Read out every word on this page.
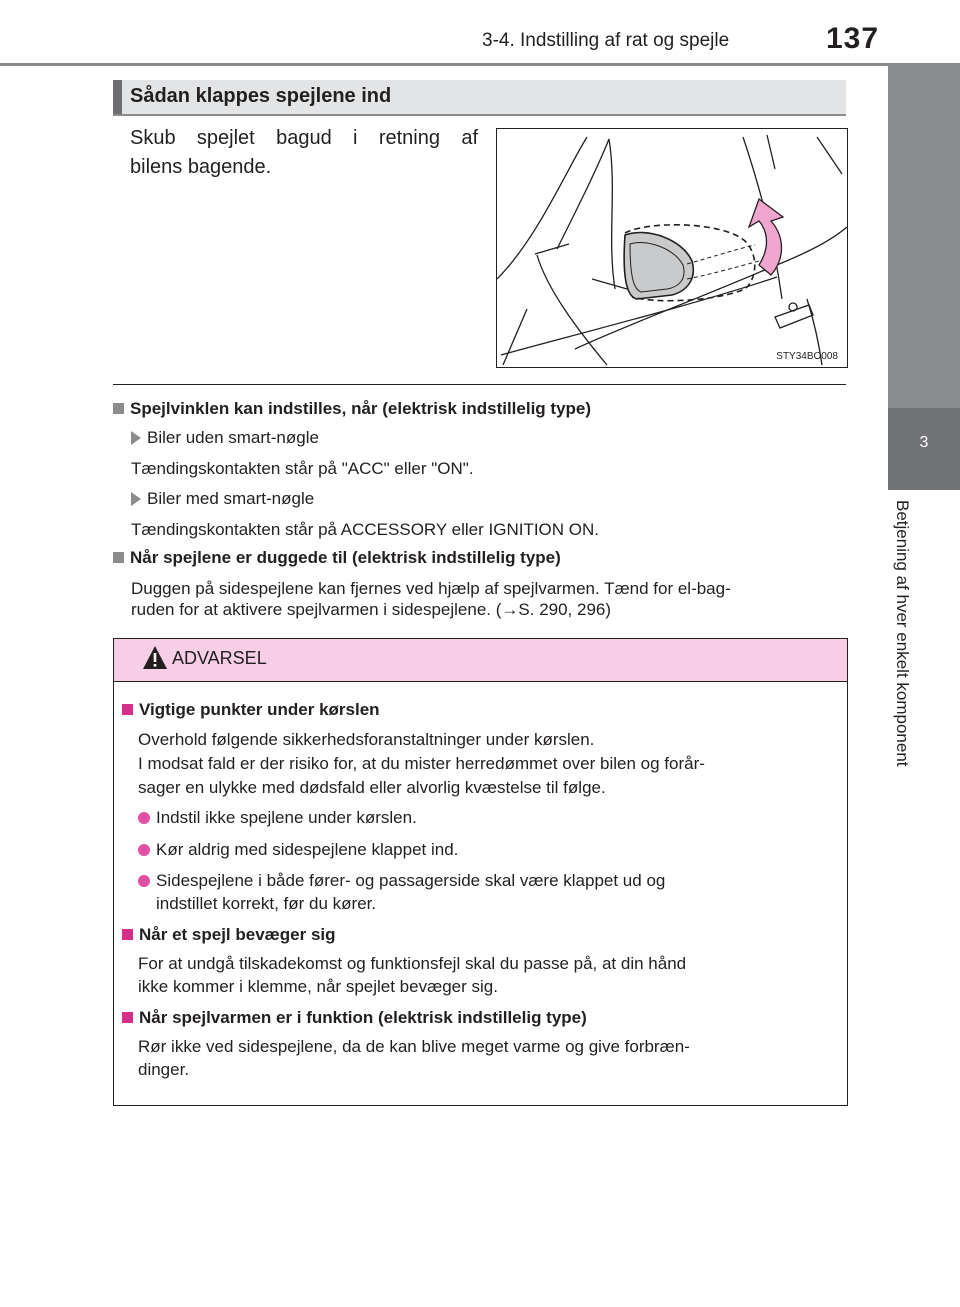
3-4. Indstilling af rat og spejle	137
3
Betjening af hver enkelt komponent
Sådan klappes spejlene ind
Skub spejlet bagud i retning af
bilens bagende.
STY34BO008
Spejlvinklen kan indstilles, når (elektrisk indstillelig type)
Biler uden smart-nøgle
Tændingskontakten står på "ACC" eller "ON".
Biler med smart-nøgle
Tændingskontakten står på ACCESSORY eller IGNITION ON.
Når spejlene er duggede til (elektrisk indstillelig type)
Duggen på sidespejlene kan fjernes ved hjælp af spejlvarmen. Tænd for el-bag-
ruden for at aktivere spejlvarmen i sidespejlene. (→S. 290, 296)
ADVARSEL
Vigtige punkter under kørslen
Overhold følgende sikkerhedsforanstaltninger under kørslen.
I modsat fald er der risiko for, at du mister herredømmet over bilen og forår-
sager en ulykke med dødsfald eller alvorlig kvæstelse til følge.
Indstil ikke spejlene under kørslen.
Kør aldrig med sidespejlene klappet ind.
Sidespejlene i både fører- og passagerside skal være klappet ud og
indstillet korrekt, før du kører.
Når et spejl bevæger sig
For at undgå tilskadekomst og funktionsfejl skal du passe på, at din hånd
ikke kommer i klemme, når spejlet bevæger sig.
Når spejlvarmen er i funktion (elektrisk indstillelig type)
Rør ikke ved sidespejlene, da de kan blive meget varme og give forbræn-
dinger.
